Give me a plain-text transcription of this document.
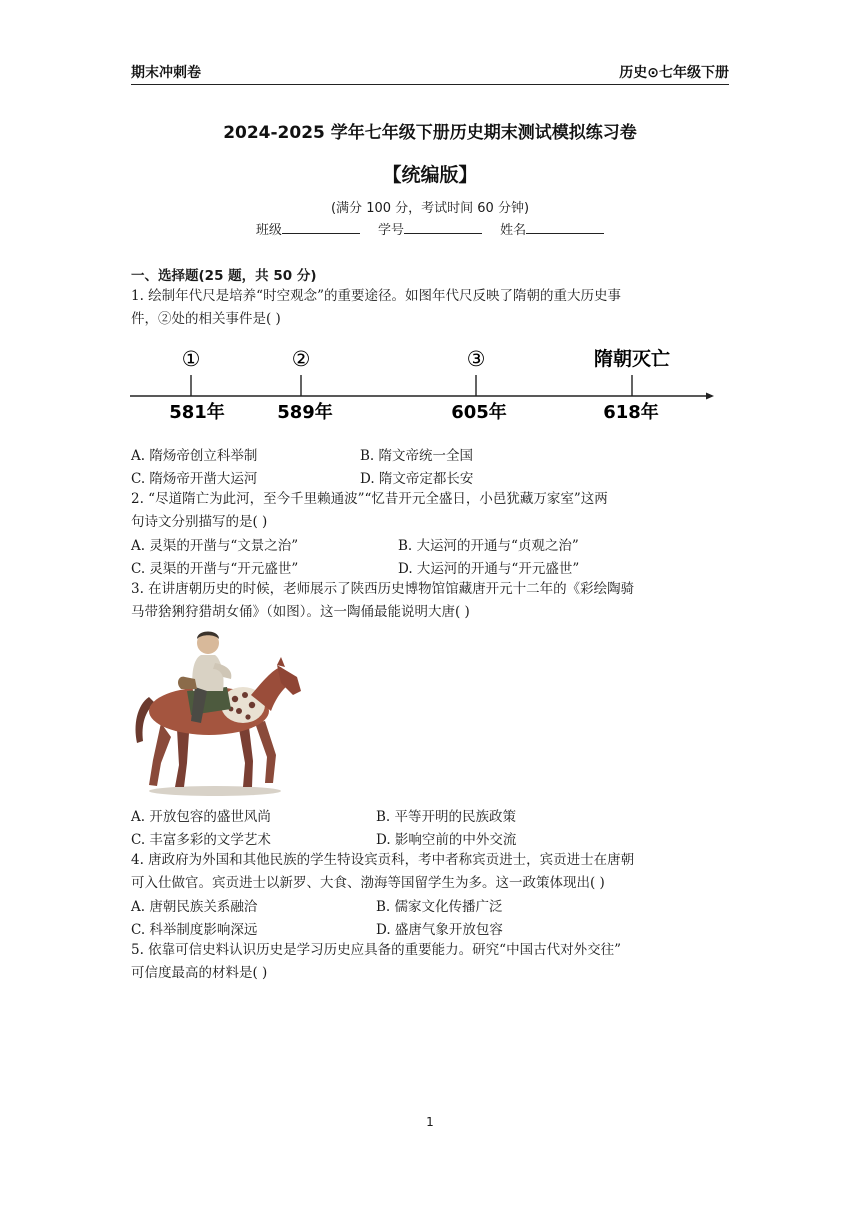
期末冲刺卷	历史⊙七年级下册
2024-2025 学年七年级下册历史期末测试模拟练习卷
【统编版】
(满分 100 分，考试时间 60 分钟)
班级	学号	姓名
一、选择题(25 题，共 50 分)
1. 绘制年代尺是培养“时空观念”的重要途径。如图年代尺反映了隋朝的重大历史事
件，②处的相关事件是( )
①	②	③	隋朝灭亡
581年	589年	605年	618年
A. 隋炀帝创立科举制	B. 隋文帝统一全国
C. 隋炀帝开凿大运河	D. 隋文帝定都长安
2. “尽道隋亡为此河，至今千里赖通波”“忆昔开元全盛日，小邑犹藏万家室”这两
句诗文分别描写的是( )
A. 灵渠的开凿与“文景之治”	B. 大运河的开通与“贞观之治”
C. 灵渠的开凿与“开元盛世”	D. 大运河的开通与“开元盛世”
3. 在讲唐朝历史的时候，老师展示了陕西历史博物馆馆藏唐开元十二年的《彩绘陶骑
马带猞猁狩猎胡女俑》（如图）。这一陶俑最能说明大唐( )
A. 开放包容的盛世风尚	B. 平等开明的民族政策
C. 丰富多彩的文学艺术	D. 影响空前的中外交流
4. 唐政府为外国和其他民族的学生特设宾贡科，考中者称宾贡进士，宾贡进士在唐朝
可入仕做官。宾贡进士以新罗、大食、渤海等国留学生为多。这一政策体现出( )
A. 唐朝民族关系融洽	B. 儒家文化传播广泛
C. 科举制度影响深远	D. 盛唐气象开放包容
5. 依靠可信史料认识历史是学习历史应具备的重要能力。研究“中国古代对外交往”
可信度最高的材料是( )
1
